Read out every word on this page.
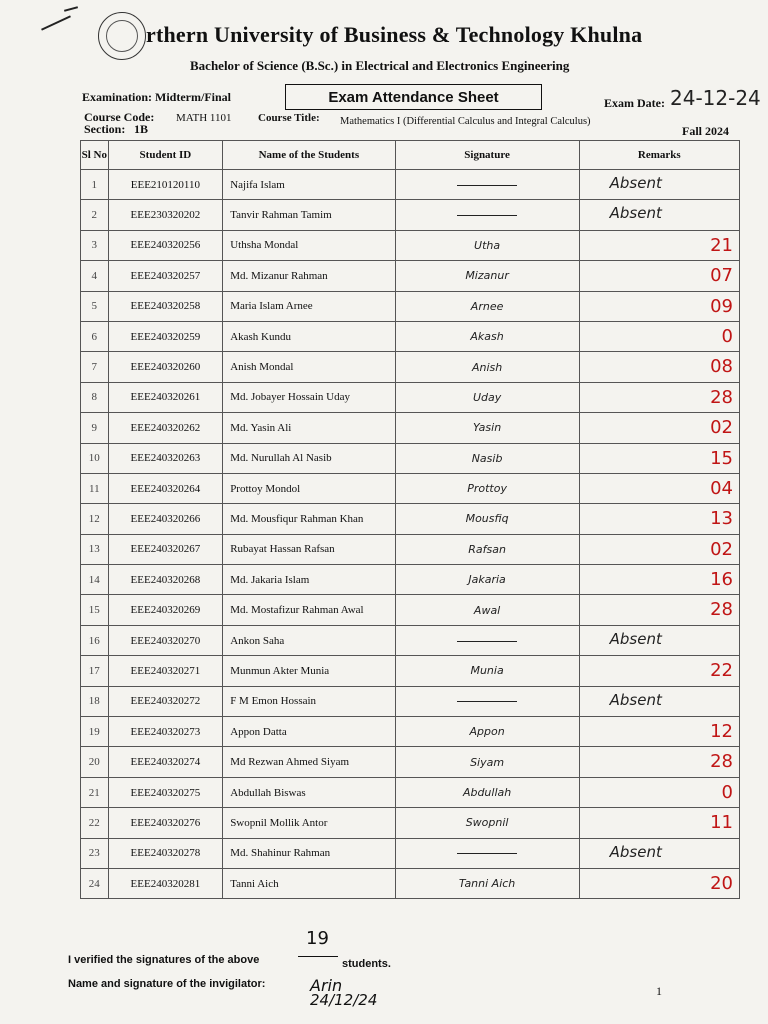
rthern University of Business & Technology Khulna
Bachelor of Science (B.Sc.) in Electrical and Electronics Engineering
Examination: Midterm/Final	Exam Attendance Sheet	Exam Date: 24-12-24
Course Code: MATH 1101 Course Title: Mathematics I (Differential Calculus and Integral Calculus)
Fall 2024
Section: 1B
Sl No	Student ID	Name of the Students	Signature	Remarks
1	EEE210120110	Najifa Islam		Absent

2	EEE230320202	Tanvir Rahman Tamim		Absent

3	EEE240320256	Uthsha Mondal	Utha	21

4	EEE240320257	Md. Mizanur Rahman	Mizanur	07

5	EEE240320258	Maria Islam Arnee	Arnee	09

6	EEE240320259	Akash Kundu	Akash	0

7	EEE240320260	Anish Mondal	Anish	08

8	EEE240320261	Md. Jobayer Hossain Uday	Uday	28

9	EEE240320262	Md. Yasin Ali	Yasin	02

10	EEE240320263	Md. Nurullah Al Nasib	Nasib	15

11	EEE240320264	Prottoy Mondol	Prottoy	04

12	EEE240320266	Md. Mousfiqur Rahman Khan	Mousfiq	13

13	EEE240320267	Rubayat Hassan Rafsan	Rafsan	02

14	EEE240320268	Md. Jakaria Islam	Jakaria	16

15	EEE240320269	Md. Mostafizur Rahman Awal	Awal	28

16	EEE240320270	Ankon Saha		Absent

17	EEE240320271	Munmun Akter Munia	Munia	22

18	EEE240320272	F M Emon Hossain		Absent

19	EEE240320273	Appon Datta	Appon	12

20	EEE240320274	Md Rezwan Ahmed Siyam	Siyam	28

21	EEE240320275	Abdullah Biswas	Abdullah	0

22	EEE240320276	Swopnil Mollik Antor	Swopnil	11

23	EEE240320278	Md. Shahinur Rahman		Absent

24	EEE240320281	Tanni Aich	Tanni Aich	20
I verified the signatures of the above
19
students.
Name and signature of the invigilator:	Arin
24/12/24	1
